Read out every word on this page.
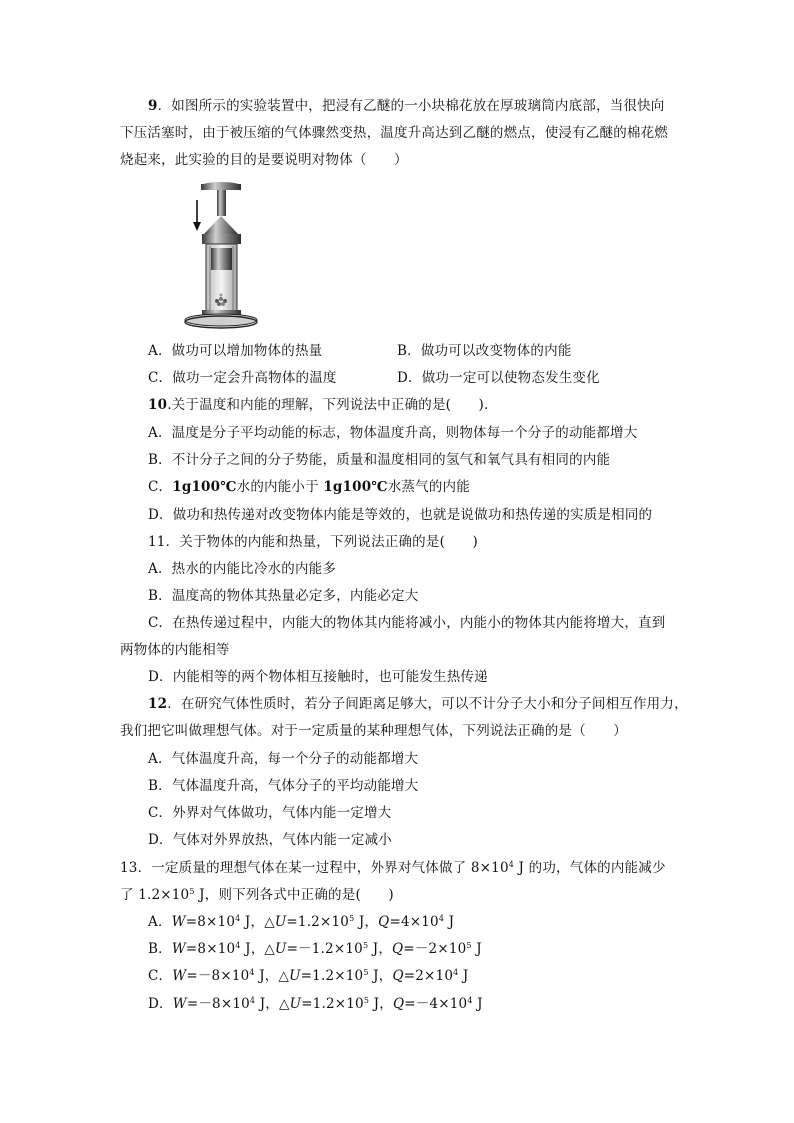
9．如图所示的实验装置中，把浸有乙醚的一小块棉花放在厚玻璃筒内底部，当很快向
下压活塞时，由于被压缩的气体骤然变热，温度升高达到乙醚的燃点，使浸有乙醚的棉花燃
烧起来，此实验的目的是要说明对物体（　　）
A．做功可以增加物体的热量	B．做功可以改变物体的内能
C．做功一定会升高物体的温度	D．做功一定可以使物态发生变化
10.关于温度和内能的理解，下列说法中正确的是(　　).
A．温度是分子平均动能的标志，物体温度升高，则物体每一个分子的动能都增大
B．不计分子之间的分子势能，质量和温度相同的氢气和氧气具有相同的内能
C．1g100℃水的内能小于 1g100℃水蒸气的内能
D．做功和热传递对改变物体内能是等效的，也就是说做功和热传递的实质是相同的
11．关于物体的内能和热量，下列说法正确的是(　　)
A．热水的内能比冷水的内能多
B．温度高的物体其热量必定多，内能必定大
C．在热传递过程中，内能大的物体其内能将减小，内能小的物体其内能将增大，直到
两物体的内能相等
D．内能相等的两个物体相互接触时，也可能发生热传递
12．在研究气体性质时，若分子间距离足够大，可以不计分子大小和分子间相互作用力，
我们把它叫做理想气体。对于一定质量的某种理想气体，下列说法正确的是（　　）
A．气体温度升高，每一个分子的动能都增大
B．气体温度升高，气体分子的平均动能增大
C．外界对气体做功，气体内能一定增大
D．气体对外界放热，气体内能一定减小
13．一定质量的理想气体在某一过程中，外界对气体做了 $8\times 10^4$ J 的功，气体的内能减少
了 $1.2\times 10^5$ J，则下列各式中正确的是(　　)
A．$W=8\times 10^4$ J，$\triangle U=1.2\times 10^5$ J，$Q=4\times 10^4$ J
B．$W=8\times 10^4$ J，$\triangle U=-1.2\times 10^5$ J，$Q=-2\times 10^5$ J
C．$W=-8\times 10^4$ J，$\triangle U=1.2\times 10^5$ J，$Q=2\times 10^4$ J
D．$W=-8\times 10^4$ J，$\triangle U=1.2\times 10^5$ J，$Q=-4\times 10^4$ J
